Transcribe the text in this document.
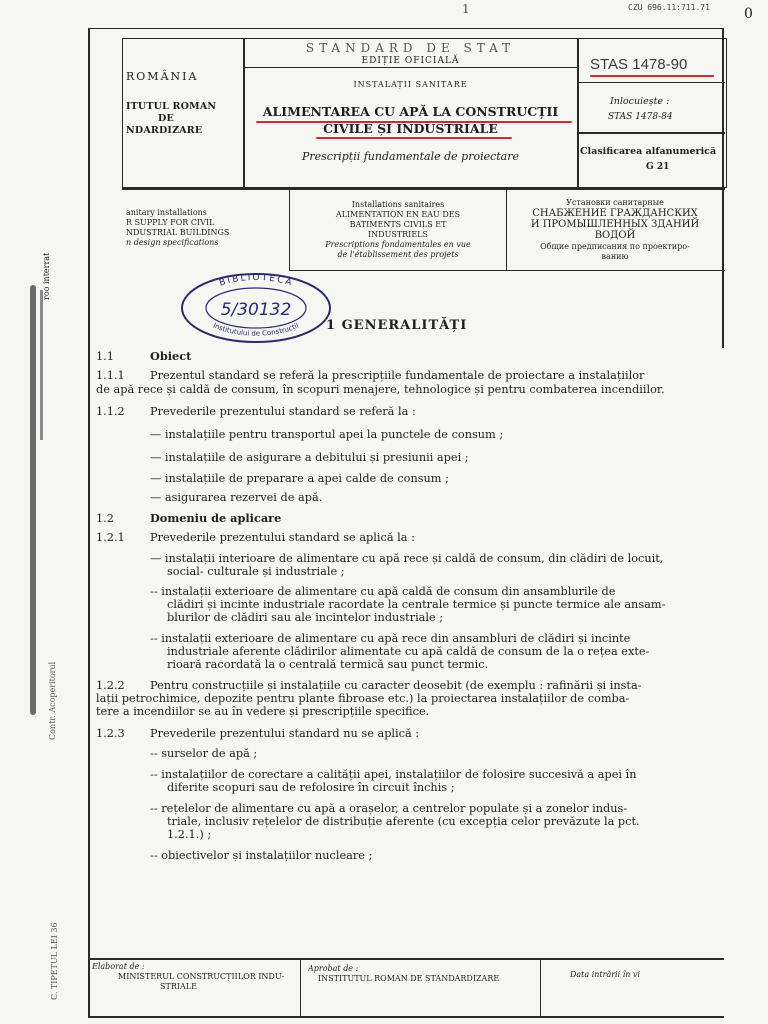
CZU 696.11:711.71 0
1
ROMÂNIA
ITUTUL ROMAN
DE
NDARDIZARE
STANDARD DE STAT
EDIȚIE OFICIALĂ
INSTALAȚII SANITARE
ALIMENTAREA CU APĂ LA CONSTRUCȚII
CIVILE ȘI INDUSTRIALE
Prescripții fundamentale de proiectare
STAS 1478-90
Inlocuiește :
STAS 1478-84
Clasificarea alfanumerică
G 21
anitary installations
R SUPPLY FOR CIVIL
NDUSTRIAL BUILDINGS
n design specifications
Installations sanitaires
ALIMENTATION EN EAU DES
BATIMENTS CIVILS ET
INDUSTRIELS
Prescriptions fondamentales en vue
de l'établissement des projets
Установки санитарные
СНАБЖЕНИЕ ГРАЖДАНСКИХ
И ПРОМЫШЛЕННЫХ ЗДАНИЙ
ВОДОЙ
Общие предписания по проектиро-
ванию
BIBLIOTECA
Institutului de Construcții
5/30132
roo interrat
Contr. Acoperitorul
C. TIPETUL LEI 36
1 GENERALITĂȚI
1.1	Obiect
1.1.1 Prezentul standard se referă la prescripțiile fundamentale de proiectare a instalațiilor
de apă rece și caldă de consum, în scopuri menajere, tehnologice și pentru combaterea incendiilor.
1.1.2 Prevederile prezentului standard se referă la :
— instalațiile pentru transportul apei la punctele de consum ;
— instalațiile de asigurare a debitului și presiunii apei ;
— instalațiile de preparare a apei calde de consum ;
— asigurarea rezervei de apă.
1.2	Domeniu de aplicare
1.2.1 Prevederile prezentului standard se aplică la :
— instalații interioare de alimentare cu apă rece și caldă de consum, din clădiri de locuit,
social- culturale și industriale ;
-- instalații exterioare de alimentare cu apă caldă de consum din ansamblurile de
clădiri și incinte industriale racordate la centrale termice și puncte termice ale ansam-
blurilor de clădiri sau ale incintelor industriale ;
-- instalații exterioare de alimentare cu apă rece din ansambluri de clădiri și incinte
industriale aferente clădirilor alimentate cu apă caldă de consum de la o rețea exte-
rioară racordată la o centrală termică sau punct termic.
1.2.2 Pentru construcțiile și instalațiile cu caracter deosebit (de exemplu : rafinării și insta-
lații petrochimice, depozite pentru plante fibroase etc.) la proiectarea instalațiilor de comba-
tere a incendiilor se au în vedere și prescripțiile specifice.
1.2.3 Prevederile prezentului standard nu se aplică :
-- surselor de apă ;
-- instalațiilor de corectare a calității apei, instalațiilor de folosire succesivă a apei în
diferite scopuri sau de refolosire în circuit închis ;
-- rețelelor de alimentare cu apă a orașelor, a centrelor populate și a zonelor indus-
triale, inclusiv rețelelor de distribuție aferente (cu excepția celor prevăzute la pct.
1.2.1.) ;
-- obiectivelor și instalațiilor nucleare ;
Elaborat de :
MINISTERUL CONSTRUCȚIILOR INDU-
STRIALE
Aprobat de :
INSTITUTUL ROMAN DE STANDARDIZARE	Data intrării în vi
